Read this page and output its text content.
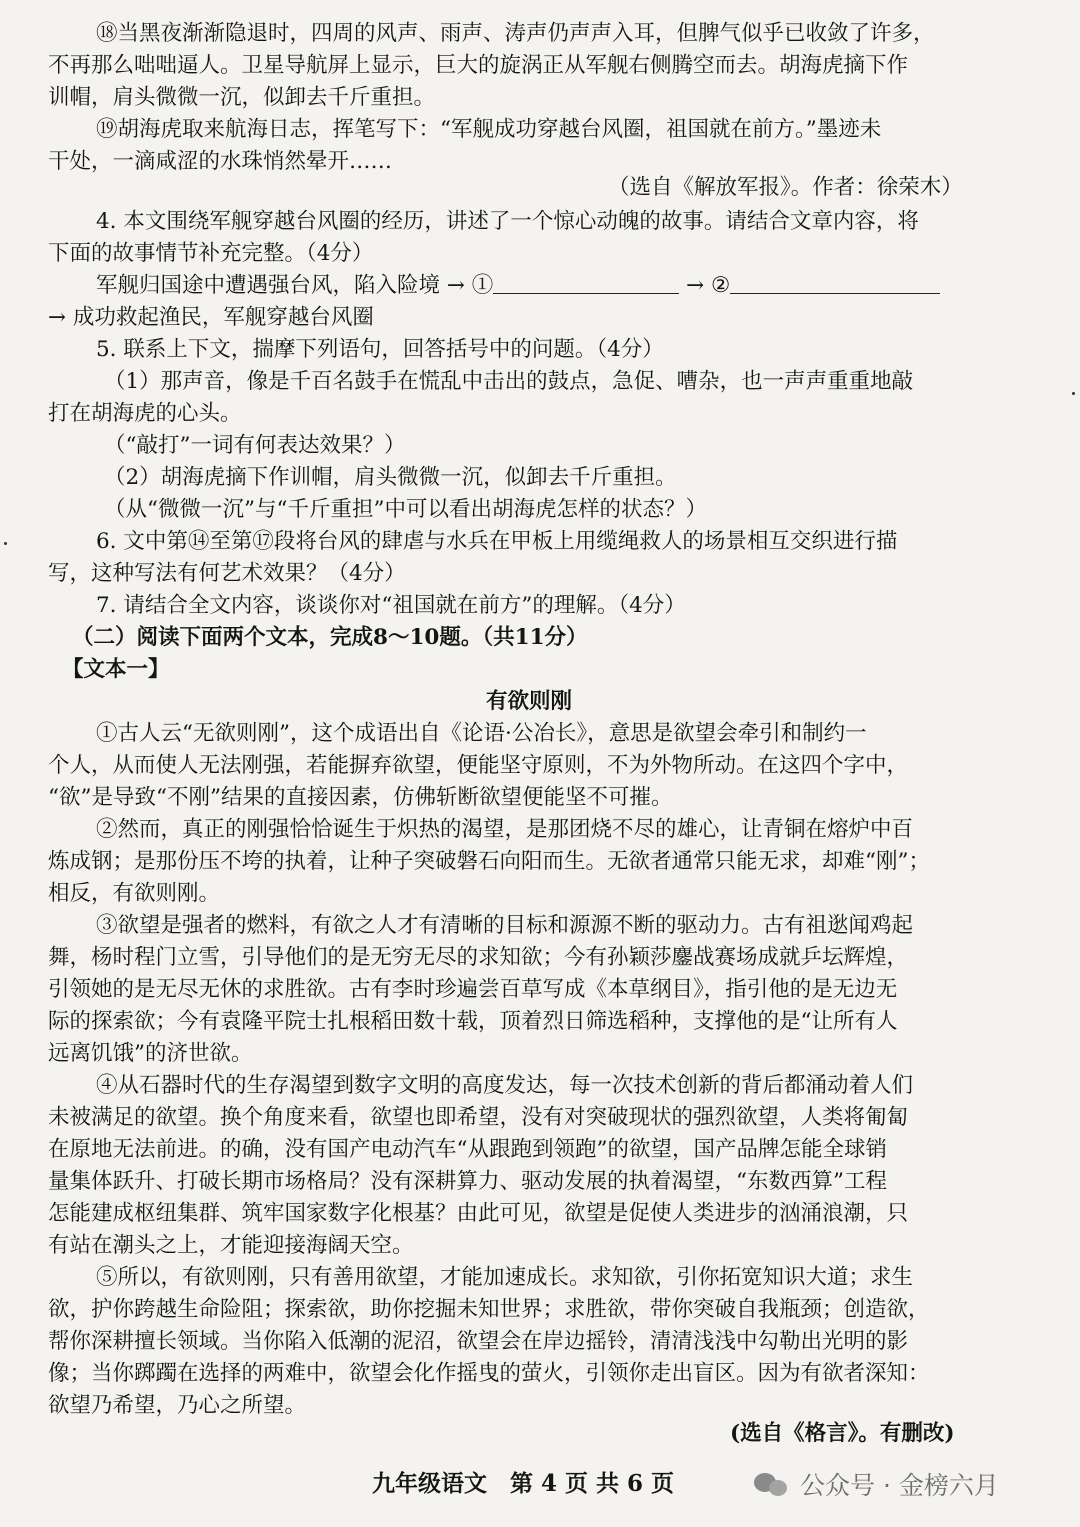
⑱当黑夜渐渐隐退时，四周的风声、雨声、涛声仍声声入耳，但脾气似乎已收敛了许多，
不再那么咄咄逼人。卫星导航屏上显示，巨大的旋涡正从军舰右侧腾空而去。胡海虎摘下作
训帽，肩头微微一沉，似卸去千斤重担。
⑲胡海虎取来航海日志，挥笔写下：“军舰成功穿越台风圈，祖国就在前方。”墨迹未
干处，一滴咸涩的水珠悄然晕开……
（选自《解放军报》。作者：徐荣木）
4. 本文围绕军舰穿越台风圈的经历，讲述了一个惊心动魄的故事。请结合文章内容，将
下面的故事情节补充完整。（4分）
军舰归国途中遭遇强台风，陷入险境 → ①	→ ②
→ 成功救起渔民，军舰穿越台风圈
5. 联系上下文，揣摩下列语句，回答括号中的问题。（4分）
（1）那声音，像是千百名鼓手在慌乱中击出的鼓点，急促、嘈杂，也一声声重重地敲
打在胡海虎的心头。
（“敲打”一词有何表达效果？）
（2）胡海虎摘下作训帽，肩头微微一沉，似卸去千斤重担。
（从“微微一沉”与“千斤重担”中可以看出胡海虎怎样的状态？）
6. 文中第⑭至第⑰段将台风的肆虐与水兵在甲板上用缆绳救人的场景相互交织进行描
写，这种写法有何艺术效果？（4分）
7. 请结合全文内容，谈谈你对“祖国就在前方”的理解。（4分）
（二）阅读下面两个文本，完成8～10题。（共11分）
【文本一】
有欲则刚
①古人云“无欲则刚”，这个成语出自《论语·公冶长》，意思是欲望会牵引和制约一
个人，从而使人无法刚强，若能摒弃欲望，便能坚守原则，不为外物所动。在这四个字中，
“欲”是导致“不刚”结果的直接因素，仿佛斩断欲望便能坚不可摧。
②然而，真正的刚强恰恰诞生于炽热的渴望，是那团烧不尽的雄心，让青铜在熔炉中百
炼成钢；是那份压不垮的执着，让种子突破磐石向阳而生。无欲者通常只能无求，却难“刚”；
相反，有欲则刚。
③欲望是强者的燃料，有欲之人才有清晰的目标和源源不断的驱动力。古有祖逖闻鸡起
舞，杨时程门立雪，引导他们的是无穷无尽的求知欲；今有孙颖莎鏖战赛场成就乒坛辉煌，
引领她的是无尽无休的求胜欲。古有李时珍遍尝百草写成《本草纲目》，指引他的是无边无
际的探索欲；今有袁隆平院士扎根稻田数十载，顶着烈日筛选稻种，支撑他的是“让所有人
远离饥饿”的济世欲。
④从石器时代的生存渴望到数字文明的高度发达，每一次技术创新的背后都涌动着人们
未被满足的欲望。换个角度来看，欲望也即希望，没有对突破现状的强烈欲望，人类将匍匐
在原地无法前进。的确，没有国产电动汽车“从跟跑到领跑”的欲望，国产品牌怎能全球销
量集体跃升、打破长期市场格局？没有深耕算力、驱动发展的执着渴望，“东数西算”工程
怎能建成枢纽集群、筑牢国家数字化根基？由此可见，欲望是促使人类进步的汹涌浪潮，只
有站在潮头之上，才能迎接海阔天空。
⑤所以，有欲则刚，只有善用欲望，才能加速成长。求知欲，引你拓宽知识大道；求生
欲，护你跨越生命险阻；探索欲，助你挖掘未知世界；求胜欲，带你突破自我瓶颈；创造欲，
帮你深耕擅长领域。当你陷入低潮的泥沼，欲望会在岸边摇铃，清清浅浅中勾勒出光明的影
像；当你踯躅在选择的两难中，欲望会化作摇曳的萤火，引领你走出盲区。因为有欲者深知：
欲望乃希望，乃心之所望。
(选自《格言》。有删改)
九年级语文　第 4 页 共 6 页	公众号 · 金榜六月
